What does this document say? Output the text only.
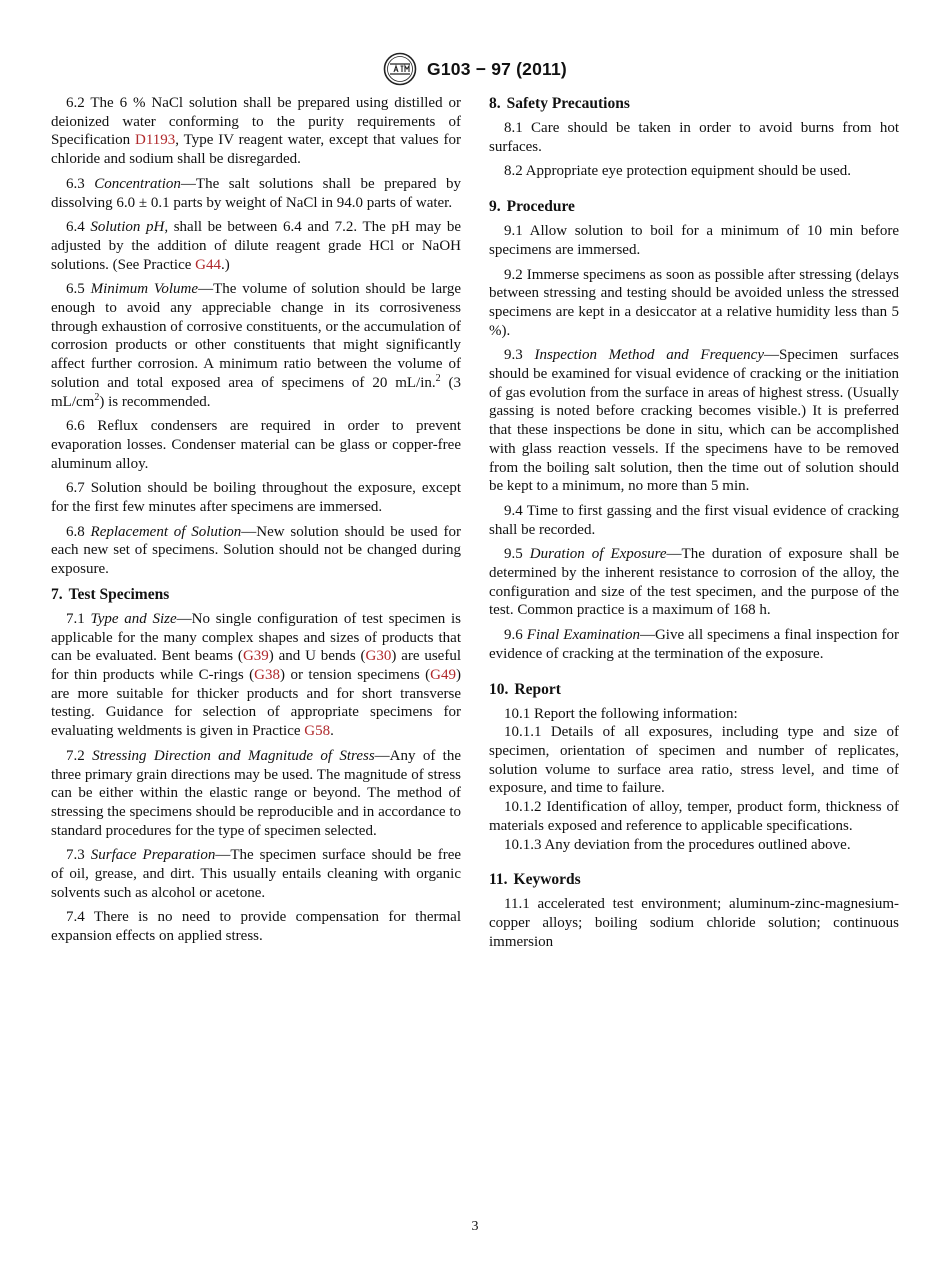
G103 − 97 (2011)

6.2 The 6 % NaCl solution shall be prepared using distilled or deionized water conforming to the purity requirements of Specification D1193, Type IV reagent water, except that values for chloride and sodium shall be disregarded.

6.3 Concentration—The salt solutions shall be prepared by dissolving 6.0 ± 0.1 parts by weight of NaCl in 94.0 parts of water.

6.4 Solution pH, shall be between 6.4 and 7.2. The pH may be adjusted by the addition of dilute reagent grade HCl or NaOH solutions. (See Practice G44.)

6.5 Minimum Volume—The volume of solution should be large enough to avoid any appreciable change in its corrosiveness through exhaustion of corrosive constituents, or the accumulation of corrosion products or other constituents that might significantly affect further corrosion. A minimum ratio between the volume of solution and total exposed area of specimens of 20 mL/in.$^2$ (3 $mL/cm^2$) is recommended.

6.6 Reflux condensers are required in order to prevent evaporation losses. Condenser material can be glass or copper-free aluminum alloy.

6.7 Solution should be boiling throughout the exposure, except for the first few minutes after specimens are immersed.

6.8 Replacement of Solution—New solution should be used for each new set of specimens. Solution should not be changed during exposure.

7. Test Specimens

7.1 Type and Size—No single configuration of test specimen is applicable for the many complex shapes and sizes of products that can be evaluated. Bent beams (G39) and U bends (G30) are useful for thin products while C-rings (G38) or tension specimens (G49) are more suitable for thicker products and for short transverse testing. Guidance for selection of appropriate specimens for evaluating weldments is given in Practice G58.

7.2 Stressing Direction and Magnitude of Stress—Any of the three primary grain directions may be used. The magnitude of stress can be either within the elastic range or beyond. The method of stressing the specimens should be reproducible and in accordance to standard procedures for the type of specimen selected.

7.3 Surface Preparation—The specimen surface should be free of oil, grease, and dirt. This usually entails cleaning with organic solvents such as alcohol or acetone.

7.4 There is no need to provide compensation for thermal expansion effects on applied stress.

8. Safety Precautions

8.1 Care should be taken in order to avoid burns from hot surfaces.

8.2 Appropriate eye protection equipment should be used.

9. Procedure

9.1 Allow solution to boil for a minimum of 10 min before specimens are immersed.

9.2 Immerse specimens as soon as possible after stressing (delays between stressing and testing should be avoided unless the stressed specimens are kept in a desiccator at a relative humidity less than 5 %).

9.3 Inspection Method and Frequency—Specimen surfaces should be examined for visual evidence of cracking or the initiation of gas evolution from the surface in areas of highest stress. (Usually gassing is noted before cracking becomes visible.) It is preferred that these inspections be done in situ, which can be accomplished with glass reaction vessels. If the specimens have to be removed from the boiling salt solution, then the time out of solution should be kept to a minimum, no more than 5 min.

9.4 Time to first gassing and the first visual evidence of cracking shall be recorded.

9.5 Duration of Exposure—The duration of exposure shall be determined by the inherent resistance to corrosion of the alloy, the configuration and size of the test specimen, and the purpose of the test. Common practice is a maximum of 168 h.

9.6 Final Examination—Give all specimens a final inspection for evidence of cracking at the termination of the exposure.

10. Report

10.1 Report the following information:

10.1.1 Details of all exposures, including type and size of specimen, orientation of specimen and number of replicates, solution volume to surface area ratio, stress level, and time of exposure, and time to failure.

10.1.2 Identification of alloy, temper, product form, thickness of materials exposed and reference to applicable specifications.

10.1.3 Any deviation from the procedures outlined above.

11. Keywords

11.1 accelerated test environment; aluminum-zinc-magnesium-copper alloys; boiling sodium chloride solution; continuous immersion

3
